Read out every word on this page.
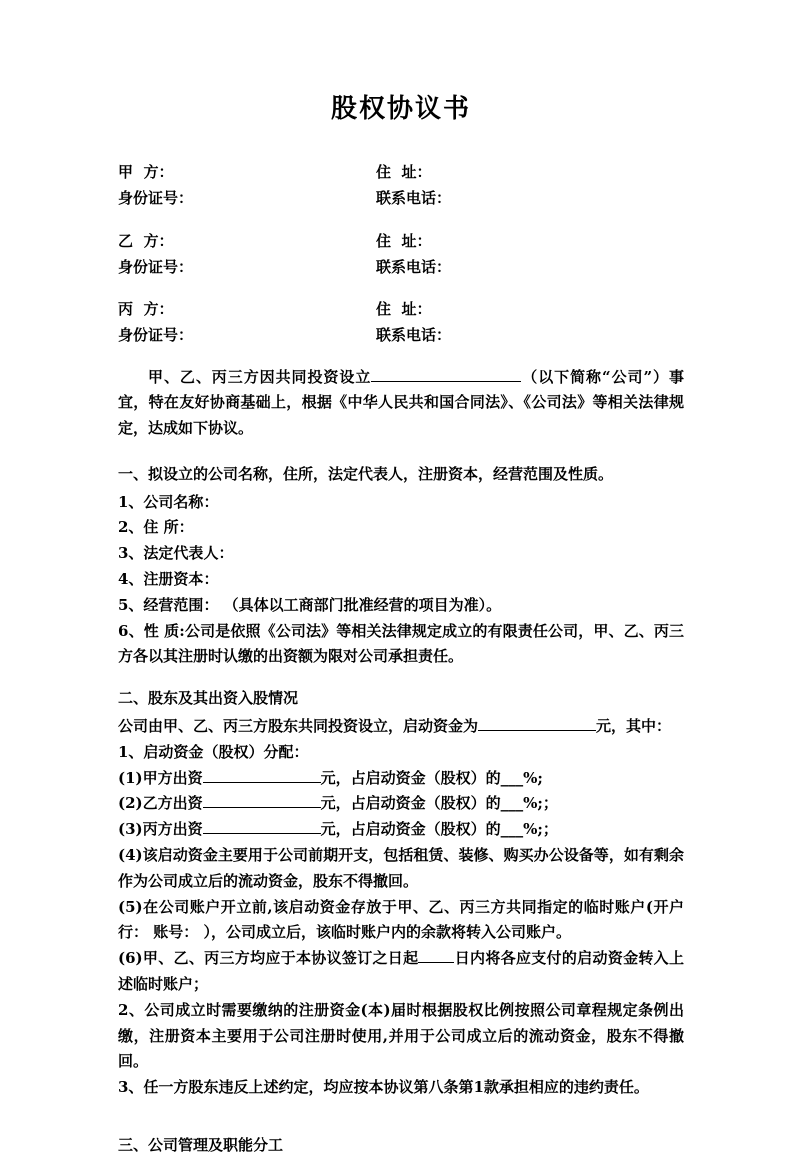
股权协议书
甲  方：	住  址：
身份证号：	联系电话：
乙  方：	住  址：
身份证号：	联系电话：
丙  方：	住  址：
身份证号：	联系电话：

甲、乙、丙三方因共同投资设立	（以下简称“公司”）事宜，特在友好协商基础上，根据《中华人民共和国合同法》、《公司法》等相关法律规定，达成如下协议。

一、拟设立的公司名称，住所，法定代表人，注册资本，经营范围及性质。

1、公司名称：

2、住 所：

3、法定代表人：

4、注册资本：

5、经营范围： （具体以工商部门批准经营的项目为准）。

6、性 质:公司是依照《公司法》等相关法律规定成立的有限责任公司，甲、乙、丙三方各以其注册时认缴的出资额为限对公司承担责任。

二、股东及其出资入股情况

公司由甲、乙、丙三方股东共同投资设立，启动资金为	元，其中：

1、启动资金（股权）分配：

(1)甲方出资	元，占启动资金（股权）的___%;

(2)乙方出资	元，占启动资金（股权）的___%;；

(3)丙方出资	元，占启动资金（股权）的___%;；

(4)该启动资金主要用于公司前期开支，包括租赁、装修、购买办公设备等，如有剩余作为公司成立后的流动资金，股东不得撤回。

(5)在公司账户开立前,该启动资金存放于甲、乙、丙三方共同指定的临时账户(开户行： 账号： ），公司成立后，该临时账户内的余款将转入公司账户。

(6)甲、乙、丙三方均应于本协议签订之日起 日内将各应支付的启动资金转入上述临时账户；

2、公司成立时需要缴纳的注册资金(本)届时根据股权比例按照公司章程规定条例出缴，注册资本主要用于公司注册时使用,并用于公司成立后的流动资金，股东不得撤回。

3、任一方股东违反上述约定，均应按本协议第八条第1款承担相应的违约责任。

三、公司管理及职能分工
